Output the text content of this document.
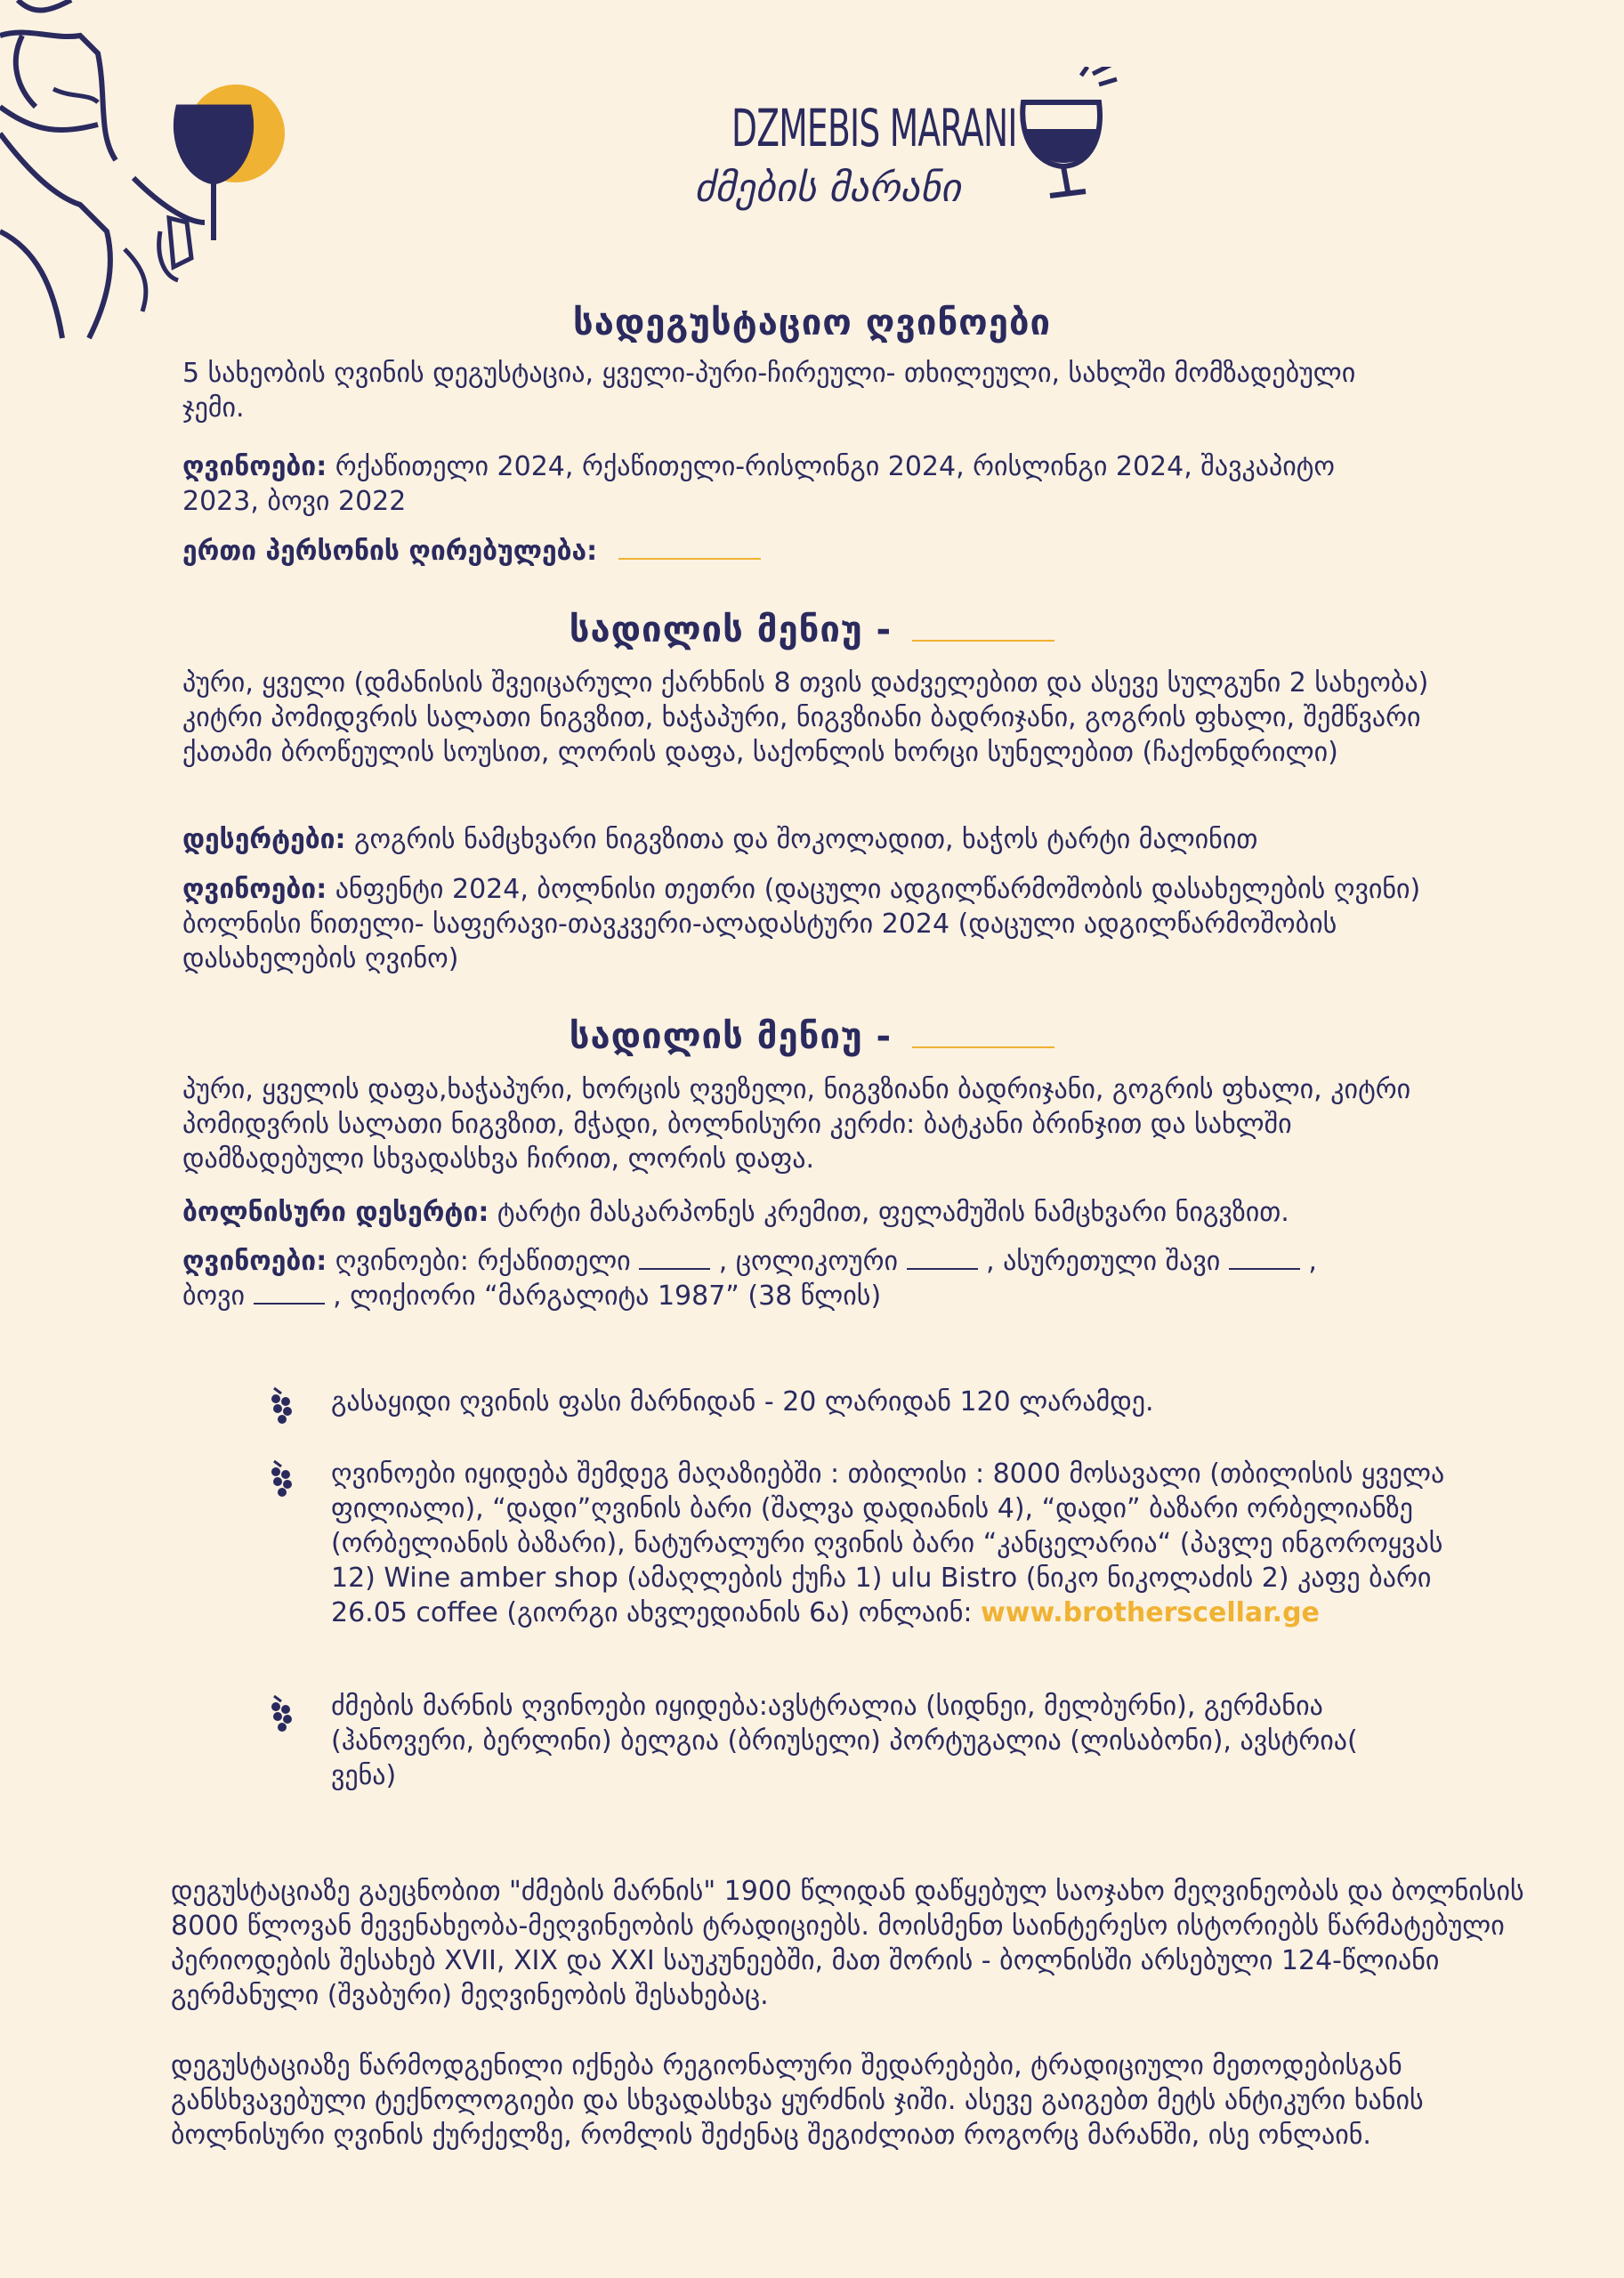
DZMEBIS MARANI
ძმების მარანი
სადეგუსტაციო ღვინოები
5 სახეობის ღვინის დეგუსტაცია, ყველი-პური-ჩირეული- თხილეული, სახლში მომზადებული ჯემი.
ღვინოები: რქაწითელი 2024, რქაწითელი-რისლინგი 2024, რისლინგი 2024, შავკაპიტო 2023, ბოვი 2022
ერთი პერსონის ღირებულება:
სადილის მენიუ -
პური, ყველი (დმანისის შვეიცარული ქარხნის 8 თვის დაძველებით და ასევე სულგუნი 2 სახეობა) კიტრი პომიდვრის სალათი ნიგვზით, ხაჭაპური, ნიგვზიანი ბადრიჯანი, გოგრის ფხალი, შემწვარი ქათამი ბროწეულის სოუსით, ლორის დაფა, საქონლის ხორცი სუნელებით (ჩაქონდრილი)
დესერტები: გოგრის ნამცხვარი ნიგვზითა და შოკოლადით, ხაჭოს ტარტი მალინით
ღვინოები: ანფენტი 2024, ბოლნისი თეთრი (დაცული ადგილწარმოშობის დასახელების ღვინი) ბოლნისი წითელი- საფერავი-თავკვერი-ალადასტური 2024 (დაცული ადგილწარმოშობის დასახელების ღვინო)
სადილის მენიუ -
პური, ყველის დაფა,ხაჭაპური, ხორცის ღვეზელი, ნიგვზიანი ბადრიჯანი, გოგრის ფხალი, კიტრი პომიდვრის სალათი ნიგვზით, მჭადი, ბოლნისური კერძი: ბატკანი ბრინჯით და სახლში დამზადებული სხვადასხვა ჩირით, ლორის დაფა.
ბოლნისური დესერტი: ტარტი მასკარპონეს კრემით, ფელამუშის ნამცხვარი ნიგვზით.
ღვინოები: ღვინოები: რქაწითელი	, ცოლიკოური	, ასურეთული შავი	,
ბოვი	, ლიქიორი “მარგალიტა 1987” (38 წლის)
გასაყიდი ღვინის ფასი მარნიდან - 20 ლარიდან 120 ლარამდე.
ღვინოები იყიდება შემდეგ მაღაზიებში : თბილისი : 8000 მოსავალი (თბილისის ყველა ფილიალი), “დადი”ღვინის ბარი (შალვა დადიანის 4), “დადი” ბაზარი ორბელიანზე (ორბელიანის ბაზარი), ნატურალური ღვინის ბარი “კანცელარია“ (პავლე ინგოროყვას 12) Wine amber shop (ამაღლების ქუჩა 1) ulu Bistro (ნიკო ნიკოლაძის 2) კაფე ბარი 26.05 coffee (გიორგი ახვლედიანის 6ა) ონლაინ: www.brotherscellar.ge
ძმების მარნის ღვინოები იყიდება:ავსტრალია (სიდნეი, მელბურნი), გერმანია (ჰანოვერი, ბერლინი) ბელგია (ბრიუსელი) პორტუგალია (ლისაბონი), ავსტრია( ვენა)
დეგუსტაციაზე გაეცნობით "ძმების მარნის" 1900 წლიდან დაწყებულ საოჯახო მეღვინეობას და ბოლნისის 8000 წლოვან მევენახეობა-მეღვინეობის ტრადიციებს. მოისმენთ საინტერესო ისტორიებს წარმატებული პერიოდების შესახებ XVII, XIX და XXI საუკუნეებში, მათ შორის - ბოლნისში არსებული 124-წლიანი გერმანული (შვაბური) მეღვინეობის შესახებაც.
დეგუსტაციაზე წარმოდგენილი იქნება რეგიონალური შედარებები, ტრადიციული მეთოდებისგან განსხვავებული ტექნოლოგიები და სხვადასხვა ყურძნის ჯიში. ასევე გაიგებთ მეტს ანტიკური ხანის ბოლნისური ღვინის ქურქელზე, რომლის შეძენაც შეგიძლიათ როგორც მარანში, ისე ონლაინ.
